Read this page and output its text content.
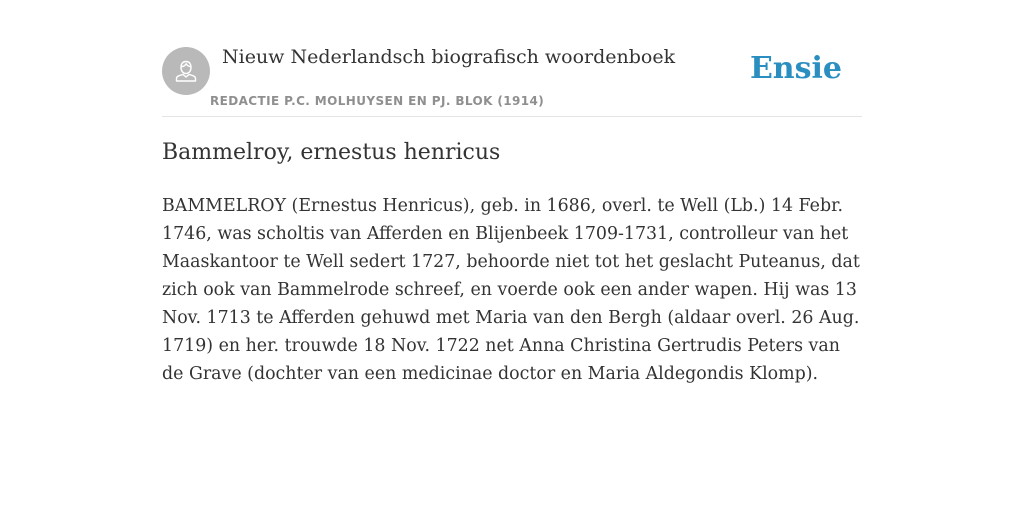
Nieuw Nederlandsch biografisch woordenboek
REDACTIE P.C. MOLHUYSEN EN PJ. BLOK (1914)
Ensie
Bammelroy, ernestus henricus

BAMMELROY (Ernestus Henricus), geb. in 1686, overl. te Well (Lb.) 14 Febr. 1746, was scholtis van Afferden en Blijenbeek 1709-1731, controlleur van het Maaskantoor te Well sedert 1727, behoorde niet tot het geslacht Puteanus, dat zich ook van Bammelrode schreef, en voerde ook een ander wapen. Hij was 13 Nov. 1713 te Afferden gehuwd met Maria van den Bergh (aldaar overl. 26 Aug. 1719) en her. trouwde 18 Nov. 1722 net Anna Christina Gertrudis Peters van de Grave (dochter van een medicinae doctor en Maria Aldegondis Klomp).
